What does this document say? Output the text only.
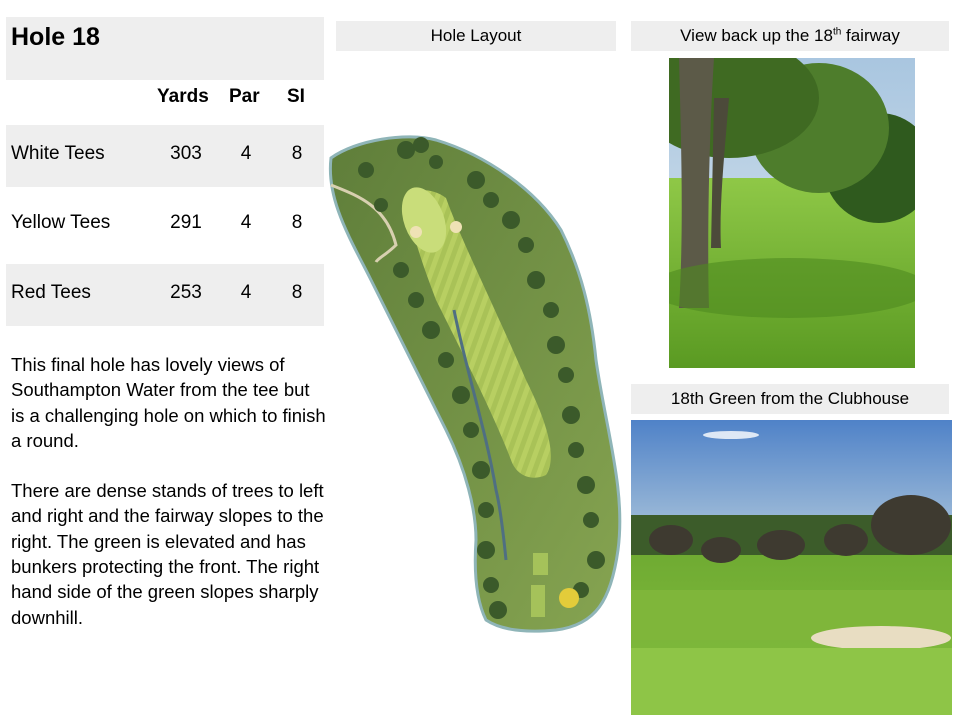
Hole 18
Yards Par SI
White Tees	303	4	8
Yellow Tees	291	4	8
Red Tees	253	4	8

This final hole has lovely views of Southampton Water from the tee but is a challenging hole on which to finish a round.

There are dense stands of trees to left and right and the fairway slopes to the right. The green is elevated and has bunkers protecting the front. The right hand side of the green slopes sharply downhill.

Hole Layout	View back up the 18th fairway
18th Green from the Clubhouse
